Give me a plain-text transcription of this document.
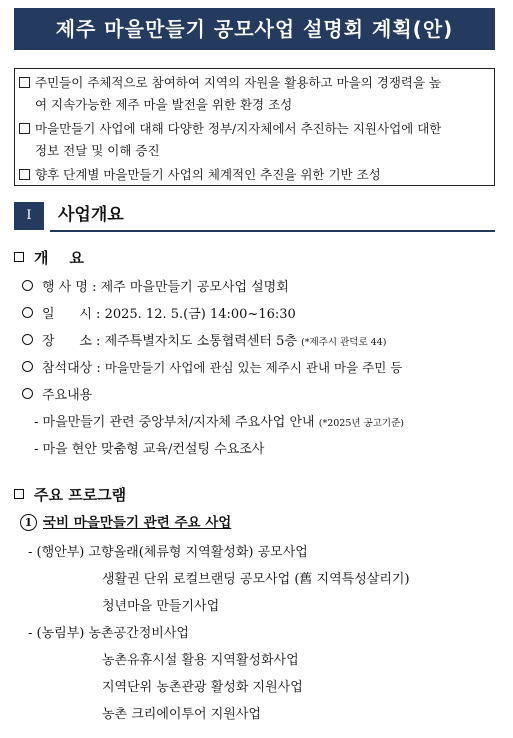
제주 마을만들기 공모사업 설명회 계획(안)
주민들이 주체적으로 참여하여 지역의 자원을 활용하고 마을의 경쟁력을 높
여 지속가능한 제주 마을 발전을 위한 환경 조성
마을만들기 사업에 대해 다양한 정부/지자체에서 추진하는 지원사업에 대한
정보 전달 및 이해 증진
향후 단계별 마을만들기 사업의 체계적인 추진을 위한 기반 조성
I	사업개요
개    요
행 사 명 : 제주 마을만들기 공모사업 설명회
일      시 : 2025. 12. 5.(금) 14:00~16:30
장      소 : 제주특별자치도 소통협력센터 5층 (*제주시 관덕로 44)
참석대상 : 마을만들기 사업에 관심 있는 제주시 관내 마을 주민 등
주요내용
- 마을만들기 관련 중앙부처/지자체 주요사업 안내 (*2025년 공고기준)
- 마을 현안 맞춤형 교육/컨설팅 수요조사
주요 프로그램
1 국비 마을만들기 관련 주요 사업
- (행안부) 고향올래(체류형 지역활성화) 공모사업
생활권 단위 로컬브랜딩 공모사업 (舊 지역특성살리기)
청년마을 만들기사업
- (농림부) 농촌공간정비사업
농촌유휴시설 활용 지역활성화사업
지역단위 농촌관광 활성화 지원사업
농촌 크리에이투어 지원사업
